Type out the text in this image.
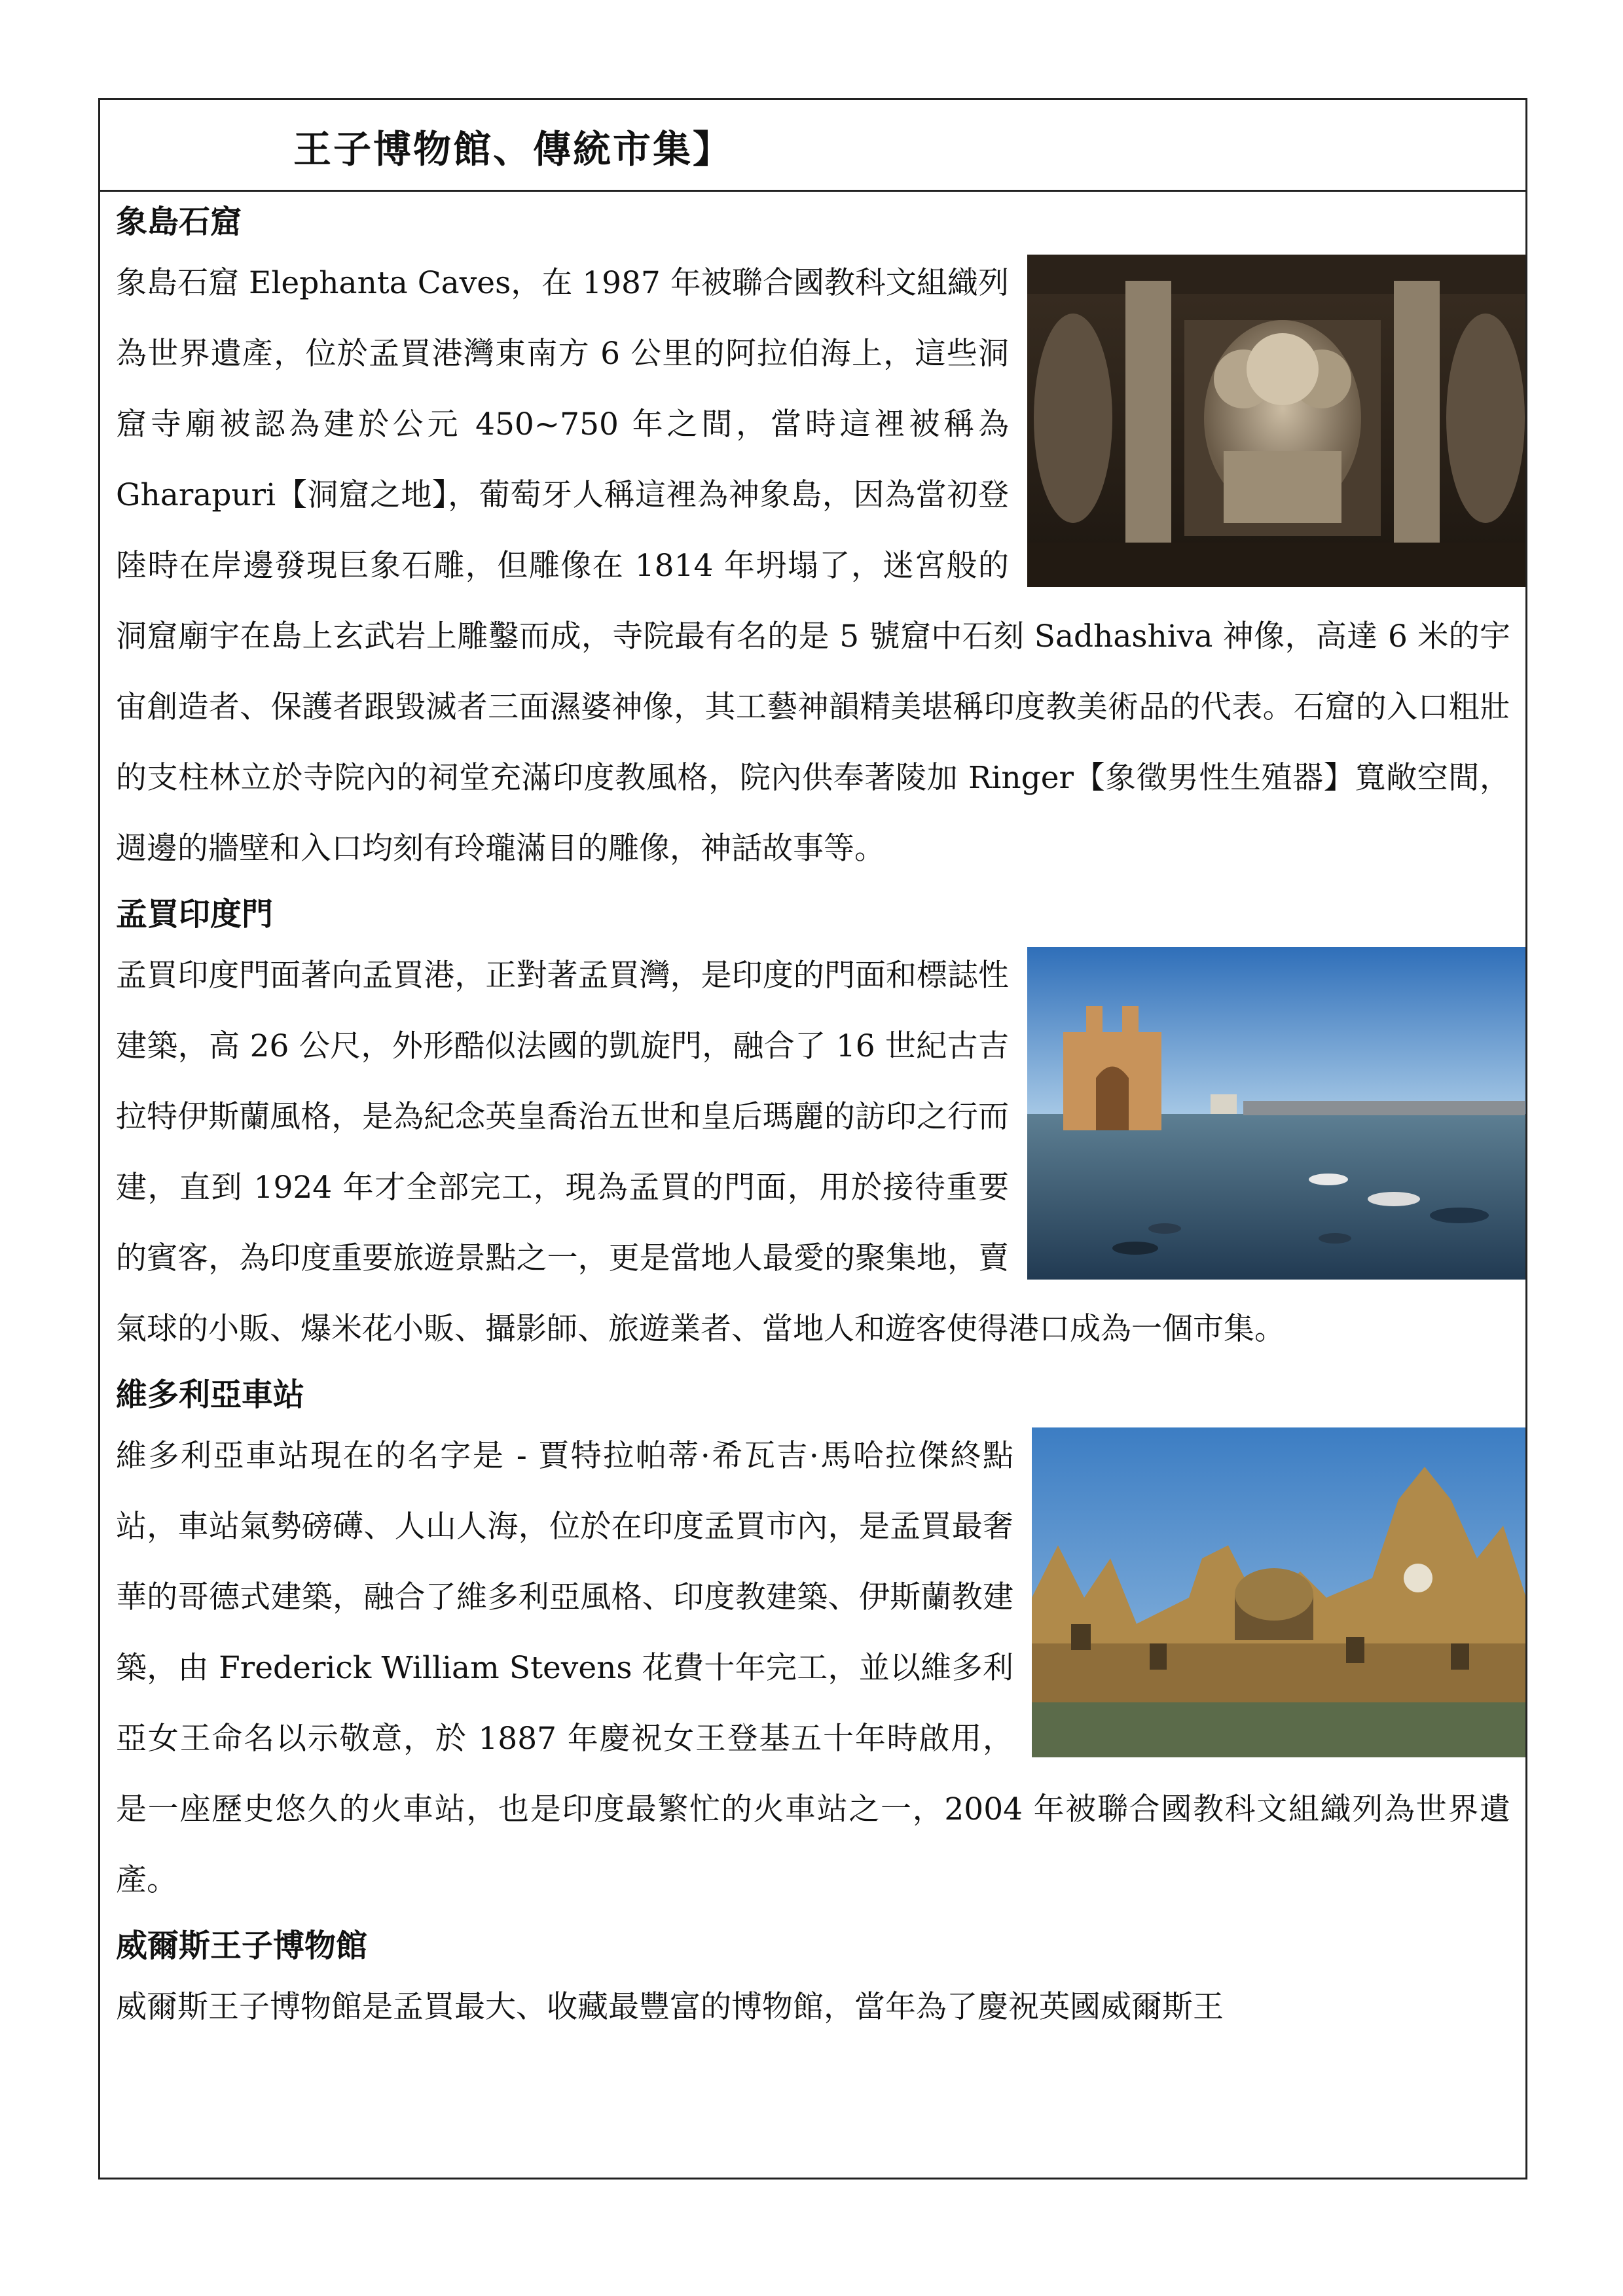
王子博物館、傳統市集】
象島石窟

象島石窟 Elephanta Caves，在 1987 年被聯合國教科文組織列為世界遺產，位於孟買港灣東南方 6 公里的阿拉伯海上，這些洞窟寺廟被認為建於公元 450~750 年之間，當時這裡被稱為 Gharapuri【洞窟之地】，葡萄牙人稱這裡為神象島，因為當初登陸時在岸邊發現巨象石雕，但雕像在 1814 年坍塌了，迷宮般的洞窟廟宇在島上玄武岩上雕鑿而成，寺院最有名的是 5 號窟中石刻 Sadhashiva 神像，高達 6 米的宇宙創造者、保護者跟毀滅者三面濕婆神像，其工藝神韻精美堪稱印度教美術品的代表。石窟的入口粗壯的支柱林立於寺院內的祠堂充滿印度教風格，院內供奉著陵加 Ringer【象徵男性生殖器】寬敞空間，週邊的牆壁和入口均刻有玲瓏滿目的雕像，神話故事等。

孟買印度門

孟買印度門面著向孟買港，正對著孟買灣，是印度的門面和標誌性建築，高 26 公尺，外形酷似法國的凱旋門，融合了 16 世紀古吉拉特伊斯蘭風格，是為紀念英皇喬治五世和皇后瑪麗的訪印之行而建，直到 1924 年才全部完工，現為孟買的門面，用於接待重要的賓客，為印度重要旅遊景點之一，更是當地人最愛的聚集地，賣氣球的小販、爆米花小販、攝影師、旅遊業者、當地人和遊客使得港口成為一個市集。

維多利亞車站

維多利亞車站現在的名字是 - 賈特拉帕蒂·希瓦吉·馬哈拉傑終點站，車站氣勢磅礡、人山人海，位於在印度孟買市內，是孟買最奢華的哥德式建築，融合了維多利亞風格、印度教建築、伊斯蘭教建築，由 Frederick William Stevens 花費十年完工，並以維多利亞女王命名以示敬意，於 1887 年慶祝女王登基五十年時啟用，是一座歷史悠久的火車站，也是印度最繁忙的火車站之一，2004 年被聯合國教科文組織列為世界遺產。

威爾斯王子博物館

威爾斯王子博物館是孟買最大、收藏最豐富的博物館，當年為了慶祝英國威爾斯王
